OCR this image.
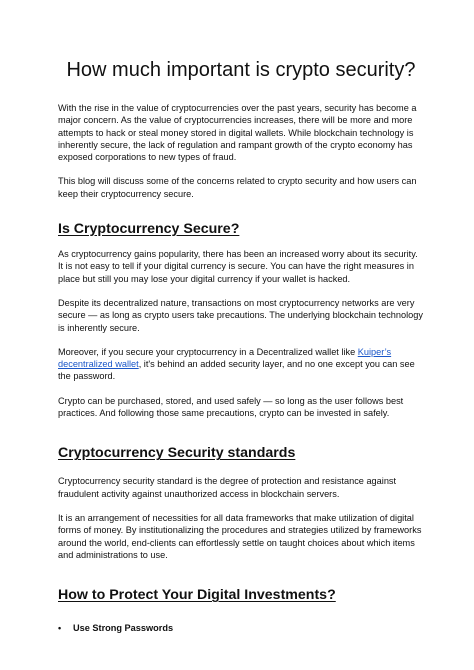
How much important is crypto security?

With the rise in the value of cryptocurrencies over the past years, security has become a major concern. As the value of cryptocurrencies increases, there will be more and more attempts to hack or steal money stored in digital wallets. While blockchain technology is inherently secure, the lack of regulation and rampant growth of the crypto economy has exposed corporations to new types of fraud.

This blog will discuss some of the concerns related to crypto security and how users can keep their cryptocurrency secure.

Is Cryptocurrency Secure?

As cryptocurrency gains popularity, there has been an increased worry about its security. It is not easy to tell if your digital currency is secure. You can have the right measures in place but still you may lose your digital currency if your wallet is hacked.

Despite its decentralized nature, transactions on most cryptocurrency networks are very secure — as long as crypto users take precautions. The underlying blockchain technology is inherently secure.

Moreover, if you secure your cryptocurrency in a Decentralized wallet like Kuiper’s decentralized wallet, it's behind an added security layer, and no one except you can see the password.

Crypto can be purchased, stored, and used safely — so long as the user follows best practices. And following those same precautions, crypto can be invested in safely.

Cryptocurrency Security standards

Cryptocurrency security standard is the degree of protection and resistance against fraudulent activity against unauthorized access in blockchain servers.

It is an arrangement of necessities for all data frameworks that make utilization of digital forms of money. By institutionalizing the procedures and strategies utilized by frameworks around the world, end-clients can effortlessly settle on taught choices about which items and administrations to use.

How to Protect Your Digital Investments?
• Use Strong Passwords
